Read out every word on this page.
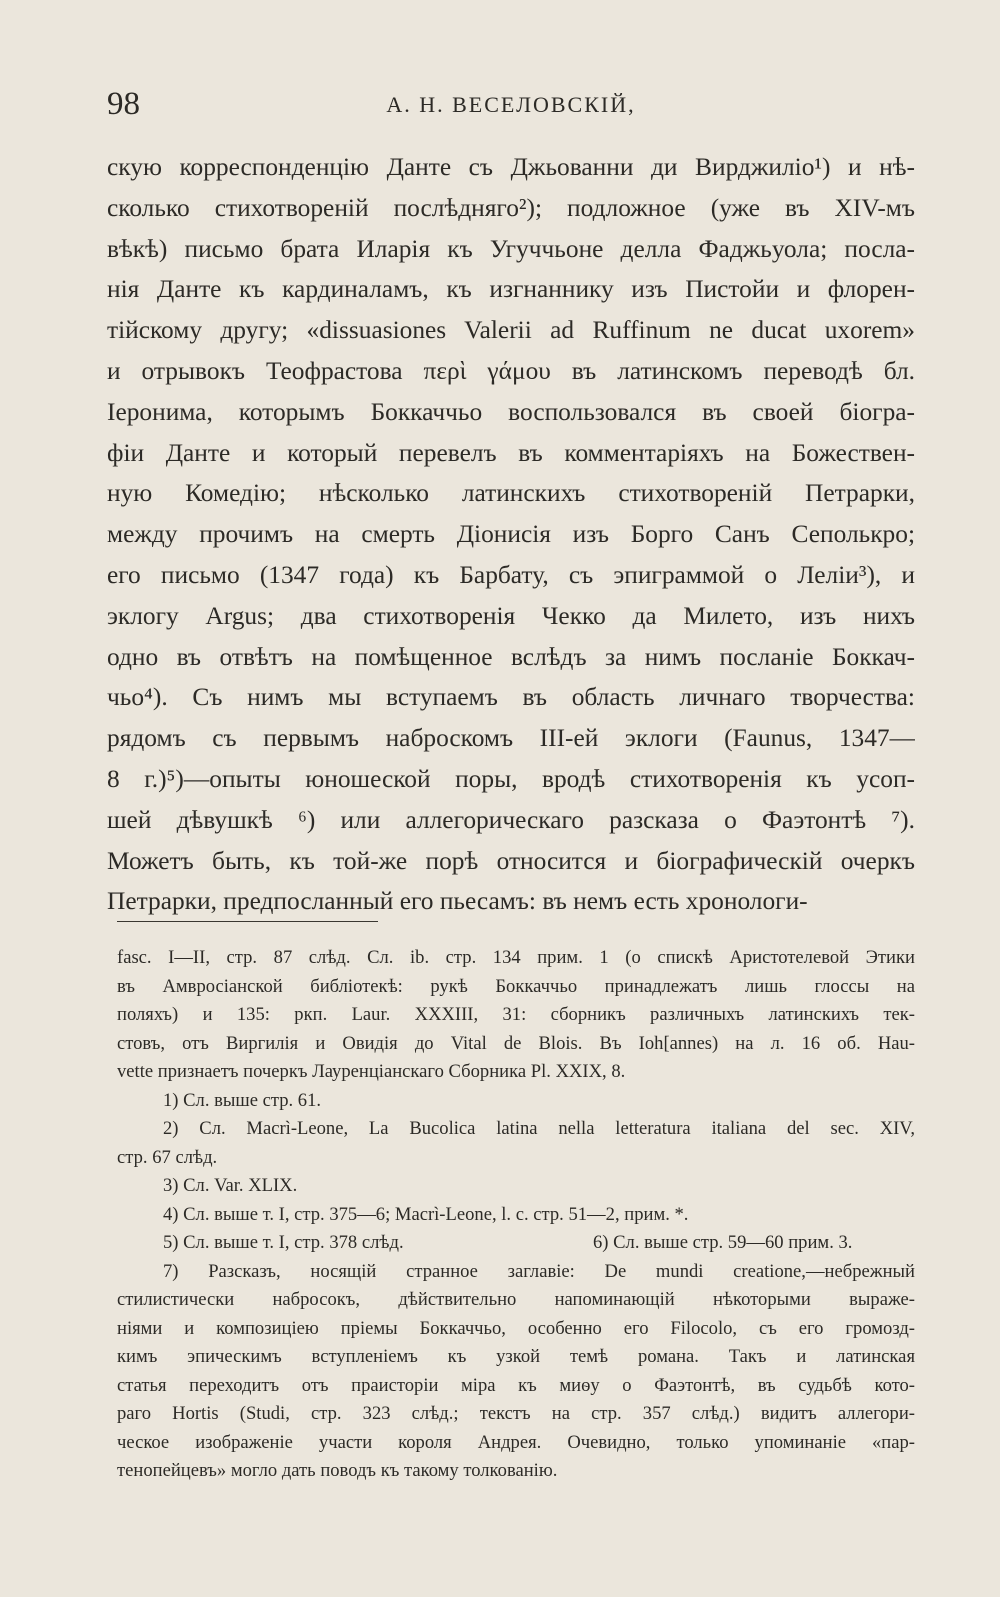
98	А. Н. ВЕСЕЛОВСКІЙ,
скую корреспонденцію Данте съ Джьованни ди Вирджиліо¹) и нѣ-
сколько стихотвореній послѣдняго²); подложное (уже въ XIV-мъ
вѣкѣ) письмо брата Иларія къ Угуччьоне делла Фаджьуола; посла-
нія Данте къ кардиналамъ, къ изгнаннику изъ Пистойи и флорен-
тійскому другу; «dissuasiones Valerii ad Ruffinum ne ducat uxorem»
и отрывокъ Теофрастова περὶ γάμου въ латинскомъ переводѣ бл.
Іеронима, которымъ Боккаччьо воспользовался въ своей біогра-
фіи Данте и который перевелъ въ комментаріяхъ на Божествен-
ную Комедію; нѣсколько латинскихъ стихотвореній Петрарки,
между прочимъ на смерть Діонисія изъ Борго Санъ Сеполькро;
его письмо (1347 года) къ Барбату, съ эпиграммой о Леліи³), и
эклогу Argus; два стихотворенія Чекко да Милето, изъ нихъ
одно въ отвѣтъ на помѣщенное вслѣдъ за нимъ посланіе Боккач-
чьо⁴). Съ нимъ мы вступаемъ въ область личнаго творчества:
рядомъ съ первымъ наброскомъ III-ей эклоги (Faunus, 1347—
8 г.)⁵)—опыты юношеской поры, вродѣ стихотворенія къ усоп-
шей дѣвушкѣ ⁶) или аллегорическаго разсказа о Фаэтонтѣ ⁷).
Можетъ быть, къ той-же порѣ относится и біографическій очеркъ
Петрарки, предпосланный его пьесамъ: въ немъ есть хронологи-
fasc. I—II, стр. 87 слѣд. Сл. ib. стр. 134 прим. 1 (о спискѣ Аристотелевой Этики
въ Амвросіанской библіотекѣ: рукѣ Боккаччьо принадлежатъ лишь глоссы на
поляхъ) и 135: ркп. Laur. XXXIII, 31: сборникъ различныхъ латинскихъ тек-
стовъ, отъ Виргилія и Овидія до Vital de Blois. Въ Ioh[annes) на л. 16 об. Hau-
vette признаетъ почеркъ Лауренціанскаго Сборника Pl. XXIX, 8.
1) Сл. выше стр. 61.
2) Сл. Macrì-Leone, La Bucolica latina nella letteratura italiana del sec. XIV,
стр. 67 слѣд.
3) Сл. Var. XLIX.
4) Сл. выше т. I, стр. 375—6; Macrì-Leone, l. c. стр. 51—2, прим. *.
5) Сл. выше т. I, стр. 378 слѣд.	6) Сл. выше стр. 59—60 прим. 3.
7) Разсказъ, носящій странное заглавіе: De mundi creatione,—небрежный
стилистически набросокъ, дѣйствительно напоминающій нѣкоторыми выраже-
ніями и композиціею пріемы Боккаччьо, особенно его Filocolo, съ его громозд-
кимъ эпическимъ вступленіемъ къ узкой темѣ романа. Такъ и латинская
статья переходитъ отъ праисторіи міра къ миѳу о Фаэтонтѣ, въ судьбѣ кото-
раго Hortis (Studi, стр. 323 слѣд.; текстъ на стр. 357 слѣд.) видитъ аллегори-
ческое изображеніе участи короля Андрея. Очевидно, только упоминаніе «пар-
тенопейцевъ» могло дать поводъ къ такому толкованію.
